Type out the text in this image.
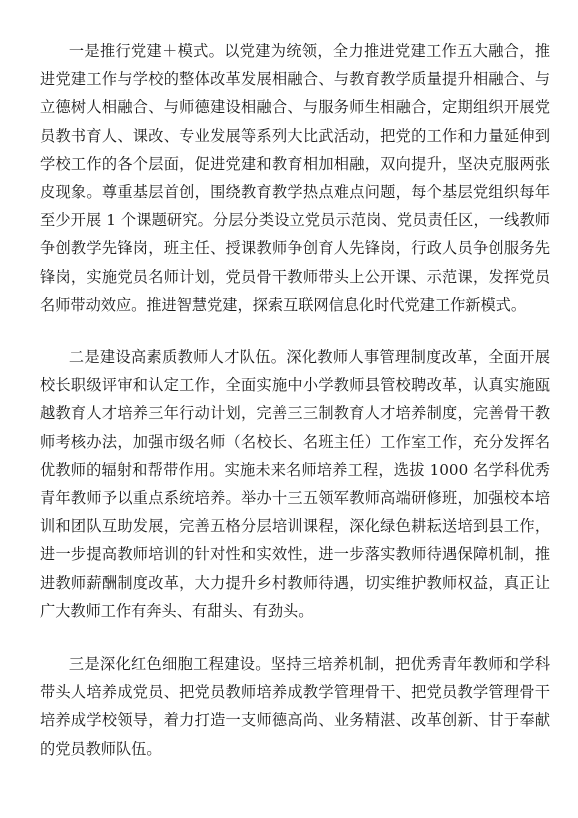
一是推行党建＋模式。以党建为统领，全力推进党建工作五大融合，推进党建工作与学校的整体改革发展相融合、与教育教学质量提升相融合、与立德树人相融合、与师德建设相融合、与服务师生相融合，定期组织开展党员教书育人、课改、专业发展等系列大比武活动，把党的工作和力量延伸到学校工作的各个层面，促进党建和教育相加相融，双向提升，坚决克服两张皮现象。尊重基层首创，围绕教育教学热点难点问题，每个基层党组织每年至少开展 1 个课题研究。分层分类设立党员示范岗、党员责任区，一线教师争创教学先锋岗，班主任、授课教师争创育人先锋岗，行政人员争创服务先锋岗，实施党员名师计划，党员骨干教师带头上公开课、示范课，发挥党员名师带动效应。推进智慧党建，探索互联网信息化时代党建工作新模式。

二是建设高素质教师人才队伍。深化教师人事管理制度改革，全面开展校长职级评审和认定工作，全面实施中小学教师县管校聘改革，认真实施瓯越教育人才培养三年行动计划，完善三三制教育人才培养制度，完善骨干教师考核办法，加强市级名师（名校长、名班主任）工作室工作，充分发挥名优教师的辐射和帮带作用。实施未来名师培养工程，选拔 1000 名学科优秀青年教师予以重点系统培养。举办十三五领军教师高端研修班，加强校本培训和团队互助发展，完善五格分层培训课程，深化绿色耕耘送培到县工作，进一步提高教师培训的针对性和实效性，进一步落实教师待遇保障机制，推进教师薪酬制度改革，大力提升乡村教师待遇，切实维护教师权益，真正让广大教师工作有奔头、有甜头、有劲头。

三是深化红色细胞工程建设。坚持三培养机制，把优秀青年教师和学科带头人培养成党员、把党员教师培养成教学管理骨干、把党员教学管理骨干培养成学校领导，着力打造一支师德高尚、业务精湛、改革创新、甘于奉献的党员教师队伍。
